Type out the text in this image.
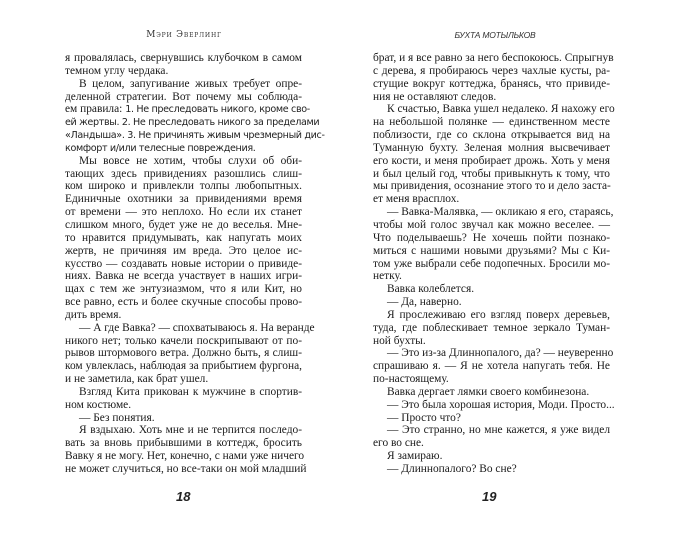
Мэри Эверлинг
я провалялась, свернувшись клубочком в самом
темном углу чердака.
В целом, запугивание живых требует опре-
деленной стратегии. Вот почему мы соблюда-
ем правила: 1. Не преследовать никого, кроме сво-
ей жертвы. 2. Не преследовать никого за пределами
«Ландыша». 3. Не причинять живым чрезмерный дис-
комфорт и/или телесные повреждения.
Мы вовсе не хотим, чтобы слухи об оби-
тающих здесь привидениях разошлись слиш-
ком широко и привлекли толпы любопытных.
Единичные охотники за привидениями время
от времени — это неплохо. Но если их станет
слишком много, будет уже не до веселья. Мне-
то нравится придумывать, как напугать моих
жертв, не причиняя им вреда. Это целое ис-
кусство — создавать новые истории о привиде-
ниях. Вавка не всегда участвует в наших игри-
щах с тем же энтузиазмом, что я или Кит, но
все равно, есть и более скучные способы прово-
дить время.
— А где Вавка? — спохватываюсь я. На веранде
никого нет; только качели поскрипывают от по-
рывов штормового ветра. Должно быть, я слиш-
ком увлеклась, наблюдая за прибытием фургона,
и не заметила, как брат ушел.
Взгляд Кита прикован к мужчине в спортив-
ном костюме.
— Без понятия.
Я вздыхаю. Хоть мне и не терпится последо-
вать за вновь прибывшими в коттедж, бросить
Вавку я не могу. Нет, конечно, с нами уже ничего
не может случиться, но все-таки он мой младший
18
БУХТА МОТЫЛЬКОВ
брат, и я все равно за него беспокоюсь. Спрыгнув
с дерева, я пробираюсь через чахлые кусты, ра-
стущие вокруг коттеджа, бранясь, что привиде-
ния не оставляют следов.
К счастью, Вавка ушел недалеко. Я нахожу его
на небольшой полянке — единственном месте
поблизости, где со склона открывается вид на
Туманную бухту. Зеленая молния высвечивает
его кости, и меня пробирает дрожь. Хоть у меня
и был целый год, чтобы привыкнуть к тому, что
мы привидения, осознание этого то и дело заста-
ет меня врасплох.
— Вавка-Малявка, — окликаю я его, стараясь,
чтобы мой голос звучал как можно веселее. —
Что поделываешь? Не хочешь пойти познако-
миться с нашими новыми друзьями? Мы с Ки-
том уже выбрали себе подопечных. Бросили мо-
нетку.
Вавка колеблется.
— Да, наверно.
Я прослеживаю его взгляд поверх деревьев,
туда, где поблескивает темное зеркало Туман-
ной бухты.
— Это из-за Длиннопалого, да? — неуверенно
спрашиваю я. — Я не хотела напугать тебя. Не
по-настоящему.
Вавка дергает лямки своего комбинезона.
— Это была хорошая история, Моди. Просто...
— Просто что?
— Это странно, но мне кажется, я уже видел
его во сне.
Я замираю.
— Длиннопалого? Во сне?
19
